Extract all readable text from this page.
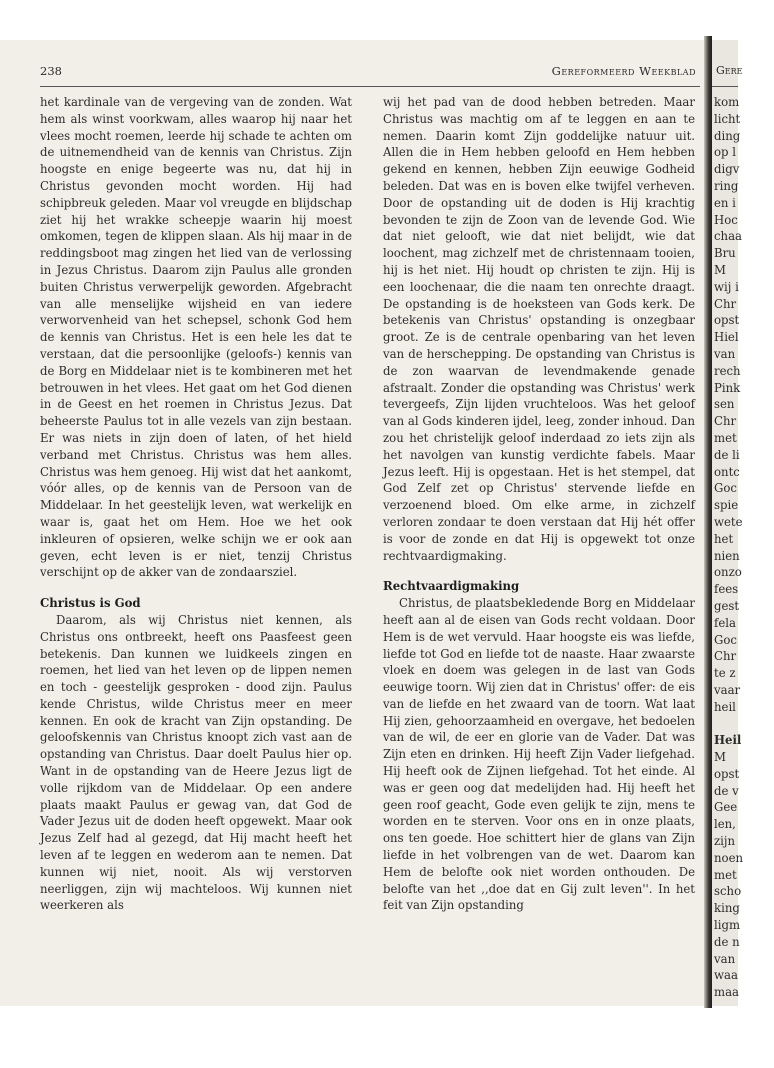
238	Gereformeerd Weekblad

het kardinale van de vergeving van de zonden. Wat hem als winst voorkwam, alles waarop hij naar het vlees mocht roemen, leerde hij schade te achten om de uitnemendheid van de kennis van Christus. Zijn hoogste en enige begeerte was nu, dat hij in Christus gevonden mocht worden. Hij had schipbreuk geleden. Maar vol vreugde en blijdschap ziet hij het wrakke scheepje waarin hij moest omkomen, tegen de klippen slaan. Als hij maar in de reddingsboot mag zingen het lied van de verlossing in Jezus Christus. Daarom zijn Paulus alle gronden buiten Christus verwerpelijk geworden. Afgebracht van alle menselijke wijsheid en van iedere verworvenheid van het schepsel, schonk God hem de kennis van Christus. Het is een hele les dat te verstaan, dat die persoonlijke (geloofs-) kennis van de Borg en Middelaar niet is te kombineren met het betrouwen in het vlees. Het gaat om het God dienen in de Geest en het roemen in Christus Jezus. Dat beheerste Paulus tot in alle vezels van zijn bestaan. Er was niets in zijn doen of laten, of het hield verband met Christus. Christus was hem alles. Christus was hem genoeg. Hij wist dat het aankomt, vóór alles, op de kennis van de Persoon van de Middelaar. In het geestelijk leven, wat werkelijk en waar is, gaat het om Hem. Hoe we het ook inkleuren of opsieren, welke schijn we er ook aan geven, echt leven is er niet, tenzij Christus verschijnt op de akker van de zondaarsziel.

Christus is God

Daarom, als wij Christus niet kennen, als Christus ons ontbreekt, heeft ons Paasfeest geen betekenis. Dan kunnen we luidkeels zingen en roemen, het lied van het leven op de lippen nemen en toch - geestelijk gesproken - dood zijn. Paulus kende Christus, wilde Christus meer en meer kennen. En ook de kracht van Zijn opstanding. De geloofskennis van Christus knoopt zich vast aan de opstanding van Christus. Daar doelt Paulus hier op. Want in de opstanding van de Heere Jezus ligt de volle rijkdom van de Middelaar. Op een andere plaats maakt Paulus er gewag van, dat God de Vader Jezus uit de doden heeft opgewekt. Maar ook Jezus Zelf had al gezegd, dat Hij macht heeft het leven af te leggen en wederom aan te nemen. Dat kunnen wij niet, nooit. Als wij verstorven neerliggen, zijn wij machteloos. Wij kunnen niet weerkeren als

wij het pad van de dood hebben betreden. Maar Christus was machtig om af te leggen en aan te nemen. Daarin komt Zijn goddelijke natuur uit. Allen die in Hem hebben geloofd en Hem hebben gekend en kennen, hebben Zijn eeuwige Godheid beleden. Dat was en is boven elke twijfel verheven. Door de opstanding uit de doden is Hij krachtig bevonden te zijn de Zoon van de levende God. Wie dat niet gelooft, wie dat niet belijdt, wie dat loochent, mag zichzelf met de christennaam tooien, hij is het niet. Hij houdt op christen te zijn. Hij is een loochenaar, die die naam ten onrechte draagt. De opstanding is de hoeksteen van Gods kerk. De betekenis van Christus' opstanding is onzegbaar groot. Ze is de centrale openbaring van het leven van de herschepping. De opstanding van Christus is de zon waarvan de levendmakende genade afstraalt. Zonder die opstanding was Christus' werk tevergeefs, Zijn lijden vruchteloos. Was het geloof van al Gods kinderen ijdel, leeg, zonder inhoud. Dan zou het christelijk geloof inderdaad zo iets zijn als het navolgen van kunstig verdichte fabels. Maar Jezus leeft. Hij is opgestaan. Het is het stempel, dat God Zelf zet op Christus' stervende liefde en verzoenend bloed. Om elke arme, in zichzelf verloren zondaar te doen verstaan dat Hij hét offer is voor de zonde en dat Hij is opgewekt tot onze rechtvaardigmaking.

Rechtvaardigmaking

Christus, de plaatsbekledende Borg en Middelaar heeft aan al de eisen van Gods recht voldaan. Door Hem is de wet vervuld. Haar hoogste eis was liefde, liefde tot God en liefde tot de naaste. Haar zwaarste vloek en doem was gelegen in de last van Gods eeuwige toorn. Wij zien dat in Christus' offer: de eis van de liefde en het zwaard van de toorn. Wat laat Hij zien, gehoorzaamheid en overgave, het bedoelen van de wil, de eer en glorie van de Vader. Dat was Zijn eten en drinken. Hij heeft Zijn Vader liefgehad. Hij heeft ook de Zijnen liefgehad. Tot het einde. Al was er geen oog dat medelijden had. Hij heeft het geen roof geacht, Gode even gelijk te zijn, mens te worden en te sterven. Voor ons en in onze plaats, ons ten goede. Hoe schittert hier de glans van Zijn liefde in het volbrengen van de wet. Daarom kan Hem de belofte ook niet worden onthouden. De belofte van het ,,doe dat en Gij zult leven''. In het feit van Zijn opstanding

Gere
kom
licht
ding
op l
digv
ring
en i
Hoc
chaa
Bru
M
wij i
Chr
opst
Hiel
van
rech
Pink
sen
Chr
met
de li
ontc
Goc
spie
wete
het
nien
onzo
fees
gest
fela
Goc
Chr
te z
vaar
heil
Heil
M
opst
de v
Gee
len,
zijn
noen
met
scho
king
ligm
de n
van
waa
maa
